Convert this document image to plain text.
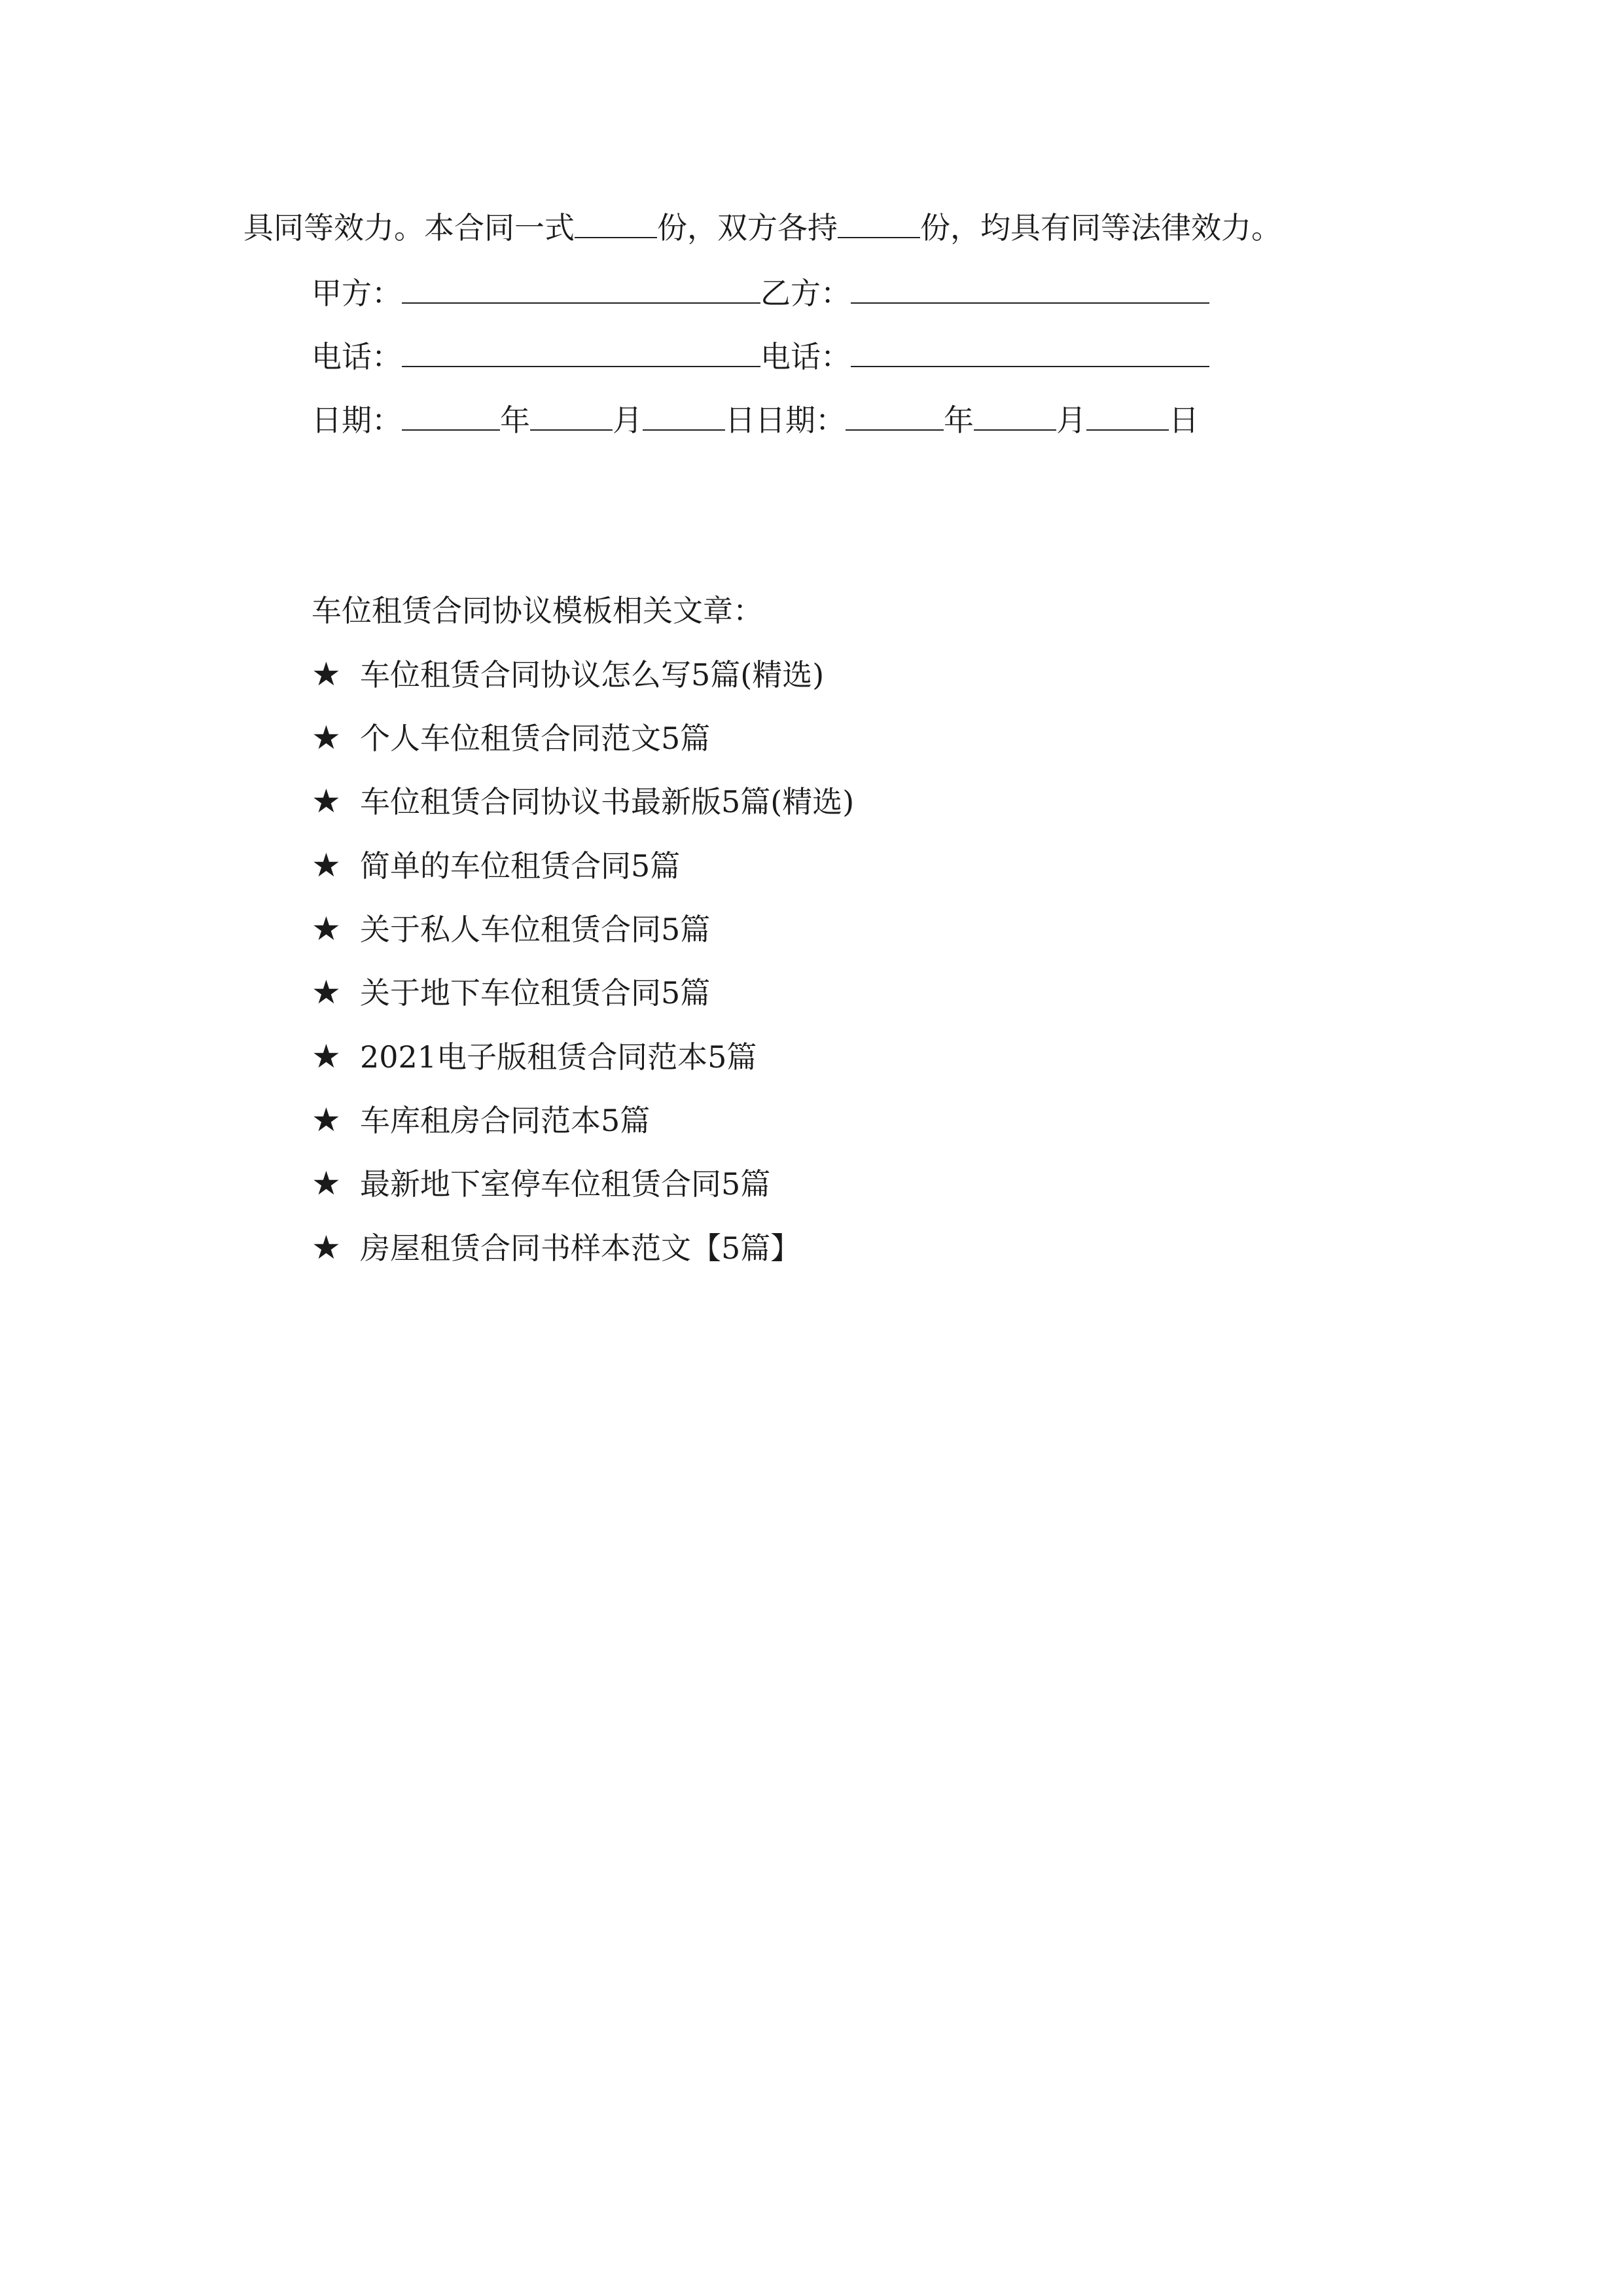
具同等效力。本合同一式	份，双方各持	份，均具有同等法律效力。
甲方：	乙方：
电话：	电话：
日期：	年	月	日日期：	年	月	日
车位租赁合同协议模板相关文章：
★ 车位租赁合同协议怎么写5篇(精选)
★ 个人车位租赁合同范文5篇
★ 车位租赁合同协议书最新版5篇(精选)
★ 简单的车位租赁合同5篇
★ 关于私人车位租赁合同5篇
★ 关于地下车位租赁合同5篇
★ 2021电子版租赁合同范本5篇
★ 车库租房合同范本5篇
★ 最新地下室停车位租赁合同5篇
★ 房屋租赁合同书样本范文【5篇】
